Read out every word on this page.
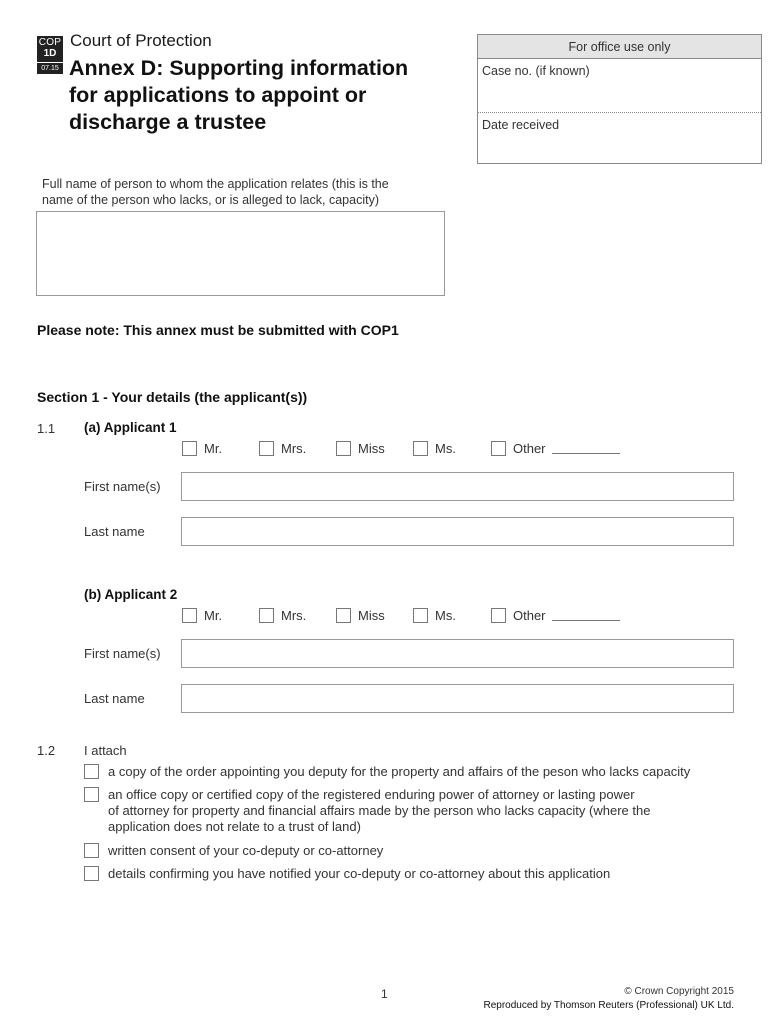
COP
1D
07.15
Court of Protection
Annex D: Supporting information
for applications to appoint or
discharge a trustee
For office use only
Case no. (if known)
Date received
Full name of person to whom the application relates (this is the
name of the person who lacks, or is alleged to lack, capacity)
Please note: This annex must be submitted with COP1
Section 1 - Your details (the applicant(s))
1.1 (a) Applicant 1
Mr.	Mrs.	Miss	Ms.	Other
First name(s)
Last name
(b) Applicant 2
Mr.	Mrs.	Miss	Ms.	Other
First name(s)
Last name
1.2 I attach
a copy of the order appointing you deputy for the property and affairs of the peson who lacks capacity
an office copy or certified copy of the registered enduring power of attorney or lasting power
of attorney for property and financial affairs made by the person who lacks capacity (where the
application does not relate to a trust of land)
written consent of your co-deputy or co-attorney
details confirming you have notified your co-deputy or co-attorney about this application
1	© Crown Copyright 2015
Reproduced by Thomson Reuters (Professional) UK Ltd.
